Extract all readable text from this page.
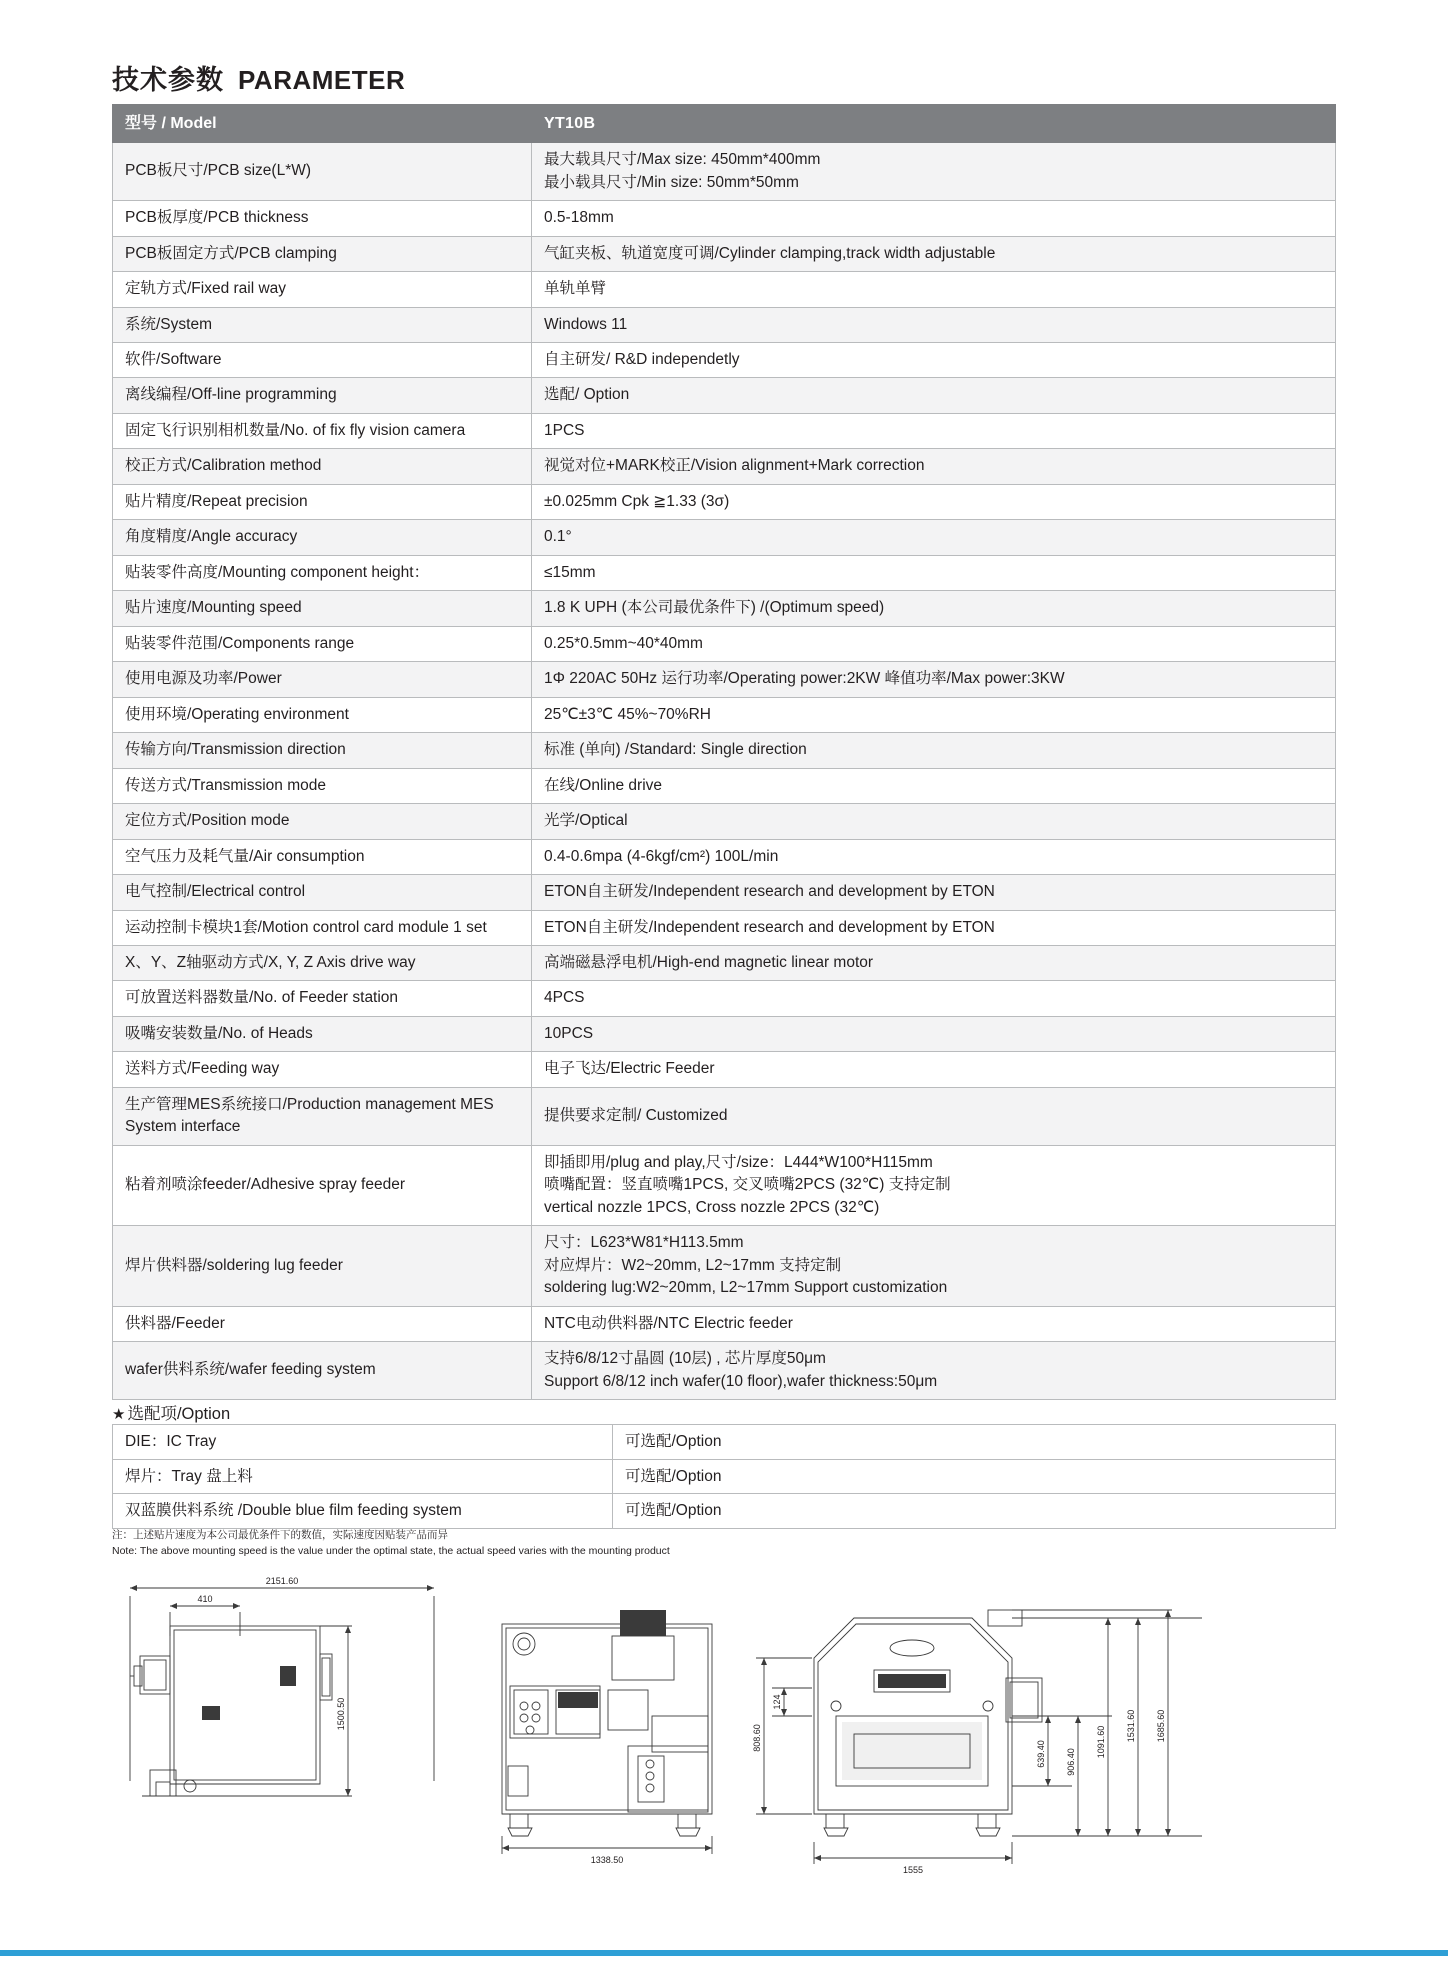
技术参数 PARAMETER
型号 / Model	YT10B
PCB板尺寸/PCB size(L*W)	最大载具尺寸/Max size: 450mm*400mm
最小载具尺寸/Min size: 50mm*50mm

PCB板厚度/PCB thickness	0.5-18mm
PCB板固定方式/PCB clamping	气缸夹板、轨道宽度可调/Cylinder clamping,track width adjustable
定轨方式/Fixed rail way	单轨单臂
系统/System	Windows 11
软件/Software	自主研发/ R&D independetly
离线编程/Off-line programming	选配/ Option
固定飞行识别相机数量/No. of fix fly vision camera	1PCS
校正方式/Calibration method	视觉对位+MARK校正/Vision alignment+Mark correction
贴片精度/Repeat precision	±0.025mm Cpk ≧1.33 (3σ)
角度精度/Angle accuracy	0.1°
贴装零件高度/Mounting component height：	≤15mm
贴片速度/Mounting speed	1.8 K UPH (本公司最优条件下) /(Optimum speed)
贴装零件范围/Components range	0.25*0.5mm~40*40mm
使用电源及功率/Power	1Φ 220AC 50Hz 运行功率/Operating power:2KW 峰值功率/Max power:3KW
使用环境/Operating environment	25℃±3℃ 45%~70%RH
传输方向/Transmission direction	标准 (单向) /Standard: Single direction
传送方式/Transmission mode	在线/Online drive
定位方式/Position mode	光学/Optical
空气压力及耗气量/Air consumption	0.4-0.6mpa (4-6kgf/cm²) 100L/min
电气控制/Electrical control	ETON自主研发/Independent research and development by ETON
运动控制卡模块1套/Motion control card module 1 set	ETON自主研发/Independent research and development by ETON
X、Y、Z轴驱动方式/X, Y, Z Axis drive way	高端磁悬浮电机/High-end magnetic linear motor
可放置送料器数量/No. of Feeder station	4PCS
吸嘴安装数量/No. of Heads	10PCS
送料方式/Feeding way	电子飞达/Electric Feeder
生产管理MES系统接口/Production management MES System interface	提供要求定制/ Customized
粘着剂喷涂feeder/Adhesive spray feeder	即插即用/plug and play,尺寸/size：L444*W100*H115mm
喷嘴配置：竖直喷嘴1PCS, 交叉喷嘴2PCS (32℃) 支持定制
vertical nozzle 1PCS, Cross nozzle 2PCS (32℃)

焊片供料器/soldering lug feeder	尺寸：L623*W81*H113.5mm
对应焊片：W2~20mm, L2~17mm 支持定制
soldering lug:W2~20mm, L2~17mm Support customization

供料器/Feeder	NTC电动供料器/NTC Electric feeder
wafer供料系统/wafer feeding system	支持6/8/12寸晶圆 (10层) , 芯片厚度50μm
Support 6/8/12 inch wafer(10 floor),wafer thickness:50μm
★ 选配项/Option
DIE：IC Tray	可选配/Option
焊片：Tray 盘上料	可选配/Option
双蓝膜供料系统 /Double blue film feeding system	可选配/Option
注：上述贴片速度为本公司最优条件下的数值，实际速度因贴装产品而异
Note: The above mounting speed is the value under the optimal state, the actual speed varies with the mounting product
2151.60
410
1500.50
1338.50
124
808.60
639.40 906.40
1091.60 1531.60 1685.60
1555
